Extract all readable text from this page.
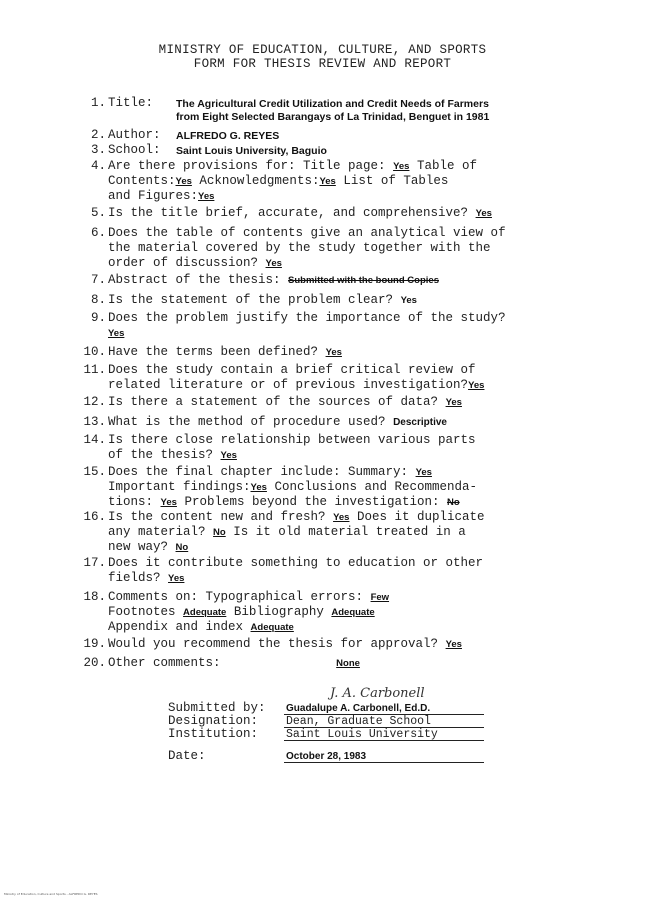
MINISTRY OF EDUCATION, CULTURE, AND SPORTS
FORM FOR THESIS REVIEW AND REPORT
1. Title: The Agricultural Credit Utilization and Credit Needs of Farmers
from Eight Selected Barangays of La Trinidad, Benguet in 1981
2. Author: ALFREDO G. REYES
3. School: Saint Louis University, Baguio
4. Are there provisions for: Title page: Yes Table of
Contents:Yes Acknowledgments:Yes List of Tables
and Figures:Yes
5. Is the title brief, accurate, and comprehensive? Yes
6. Does the table of contents give an analytical view of
the material covered by the study together with the
order of discussion? Yes
7. Abstract of the thesis: Submitted with the bound Copies
8. Is the statement of the problem clear? Yes
9. Does the problem justify the importance of the study?
Yes
10. Have the terms been defined? Yes
11. Does the study contain a brief critical review of
related literature or of previous investigation?Yes
12. Is there a statement of the sources of data? Yes
13. What is the method of procedure used? Descriptive
14. Is there close relationship between various parts
of the thesis? Yes
15. Does the final chapter include: Summary: Yes
Important findings:Yes Conclusions and Recommenda-
tions: Yes Problems beyond the investigation: No
16. Is the content new and fresh? Yes Does it duplicate
any material? No Is it old material treated in a
new way? No
17. Does it contribute something to education or other
fields? Yes
18. Comments on: Typographical errors: Few
Footnotes Adequate Bibliography Adequate
Appendix and index Adequate
19. Would you recommend the thesis for approval? Yes
20. Other comments:	None
J. A. Carbonell
Submitted by: Guadalupe A. Carbonell, Ed.D.
Designation: Dean, Graduate School
Institution: Saint Louis University
Date:	October 28, 1983
Ministry of Education, Culture and Sports - ALFREDO G. REYES
